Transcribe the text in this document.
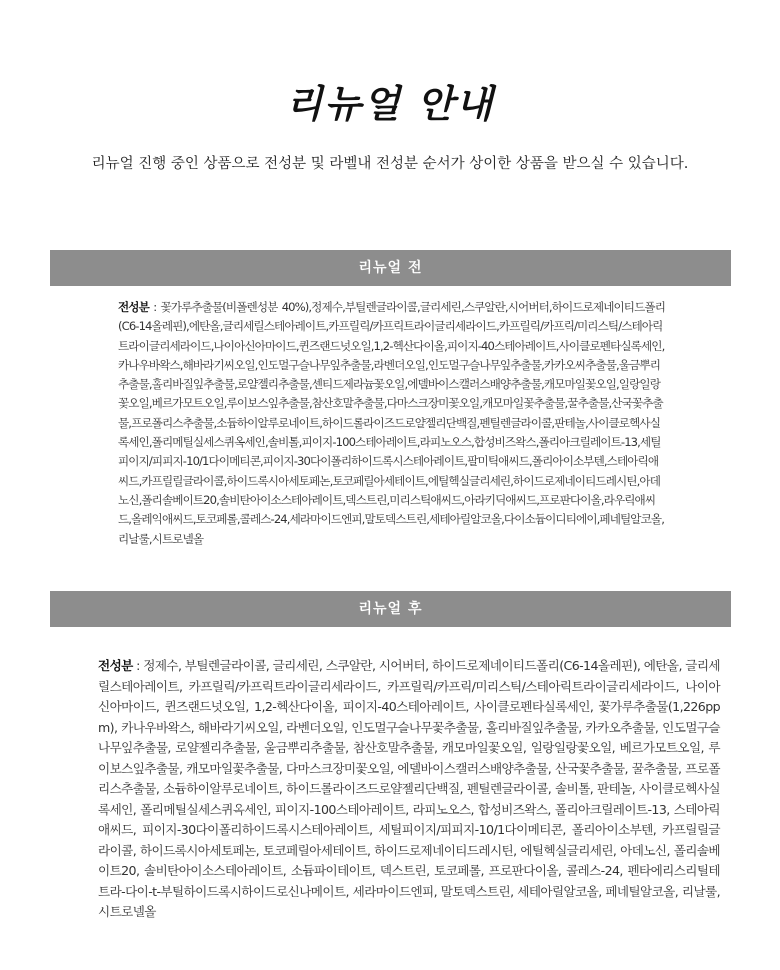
리뉴얼 안내
리뉴얼 진행 중인 상품으로 전성분 및 라벨내 전성분 순서가 상이한 상품을 받으실 수 있습니다.
리뉴얼 전

전성분 : 꽃가루추출물(비폴렌성분 40%),정제수,부틸렌글라이콜,글리세린,스쿠알란,시어버터,하이드로제네이티드폴리(C6-14올레핀),에탄올,글리세릴스테아레이트,카프릴릭/카프릭트라이글리세라이드,카프릴릭/카프릭/미리스틱/스테아릭트라이글리세라이드,나이아신아마이드,퀸즈랜드넛오일,1,2-헥산다이올,피이지-40스테아레이트,사이클로펜타실록세인,카나우바왁스,해바라기씨오일,인도멀구슬나무잎추출물,라벤더오일,인도멀구슬나무잎추출물,카카오씨추출물,울금뿌리추출물,홀리바질잎추출물,로얄젤리추출물,센티드제라늄꽃오일,에델바이스캘러스배양추출물,캐모마일꽃오일,일랑일랑꽃오일,베르가모트오일,루이보스잎추출물,참산호말추출물,다마스크장미꽃오일,캐모마일꽃추출물,꿀추출물,산국꽃추출물,프로폴리스추출물,소듐하이알루로네이트,하이드롤라이즈드로얄젤리단백질,펜틸렌글라이콜,판테놀,사이클로헥사실록세인,폴리메틸실세스퀴옥세인,솔비톨,피이지-100스테아레이트,라피노오스,합성비즈왁스,폴리아크릴레이트-13,세틸피이지/피피지-10/1다이메티콘,피이지-30다이폴리하이드록시스테아레이트,팔미틱애씨드,폴리아이소부텐,스테아릭애씨드,카프릴릴글라이콜,하이드록시아세토페논,토코페릴아세테이트,에틸헥실글리세린,하이드로제네이티드레시틴,아데노신,폴리솔베이트20,솔비탄아이소스테아레이트,덱스트린,미리스틱애씨드,아라키딕애씨드,프로판다이올,라우릭애씨드,올레익애씨드,토코페롤,콜레스-24,세라마이드엔피,말토덱스트린,세테아릴알코올,다이소듐이디티에이,페네틸알코올,리날룰,시트로넬올

리뉴얼 후

전성분 : 정제수, 부틸렌글라이콜, 글리세린, 스쿠알란, 시어버터, 하이드로제네이티드폴리(C6-14올레핀), 에탄올, 글리세릴스테아레이트, 카프릴릭/카프릭트라이글리세라이드, 카프릴릭/카프릭/미리스틱/스테아릭트라이글리세라이드, 나이아신아마이드, 퀸즈랜드넛오일, 1,2-헥산다이올, 피이지-40스테아레이트, 사이클로펜타실록세인, 꽃가루추출물(1,226ppm), 카나우바왁스, 해바라기씨오일, 라벤더오일, 인도멀구슬나무꽃추출물, 홀리바질잎추출물, 카카오추출물, 인도멀구슬나무잎추출물, 로얄젤리추출물, 울금뿌리추출물, 참산호말추출물, 캐모마일꽃오일, 일랑일랑꽃오일, 베르가모트오일, 루이보스잎추출물, 캐모마일꽃추출물, 다마스크장미꽃오일, 에델바이스캘러스배양추출물, 산국꽃추출물, 꿀추출물, 프로폴리스추출물, 소듐하이알루로네이트, 하이드롤라이즈드로얄젤리단백질, 펜틸렌글라이콜, 솔비톨, 판테놀, 사이클로헥사실록세인, 폴리메틸실세스퀴옥세인, 피이지-100스테아레이트, 라피노오스, 합성비즈왁스, 폴리아크릴레이트-13, 스테아릭애씨드, 피이지-30다이폴리하이드록시스테아레이트, 세틸피이지/피피지-10/1다이메티콘, 폴리아이소부텐, 카프릴릴글라이콜, 하이드록시아세토페논, 토코페릴아세테이트, 하이드로제네이티드레시틴, 에틸헥실글리세린, 아데노신, 폴리솔베이트20, 솔비탄아이소스테아레이트, 소듐파이테이트, 덱스트린, 토코페롤, 프로판다이올, 콜레스-24, 펜타에리스리틸테트라-다이-t-부틸하이드록시하이드로신나메이트, 세라마이드엔피, 말토덱스트린, 세테아릴알코올, 페네틸알코올, 리날룰, 시트로넬올
